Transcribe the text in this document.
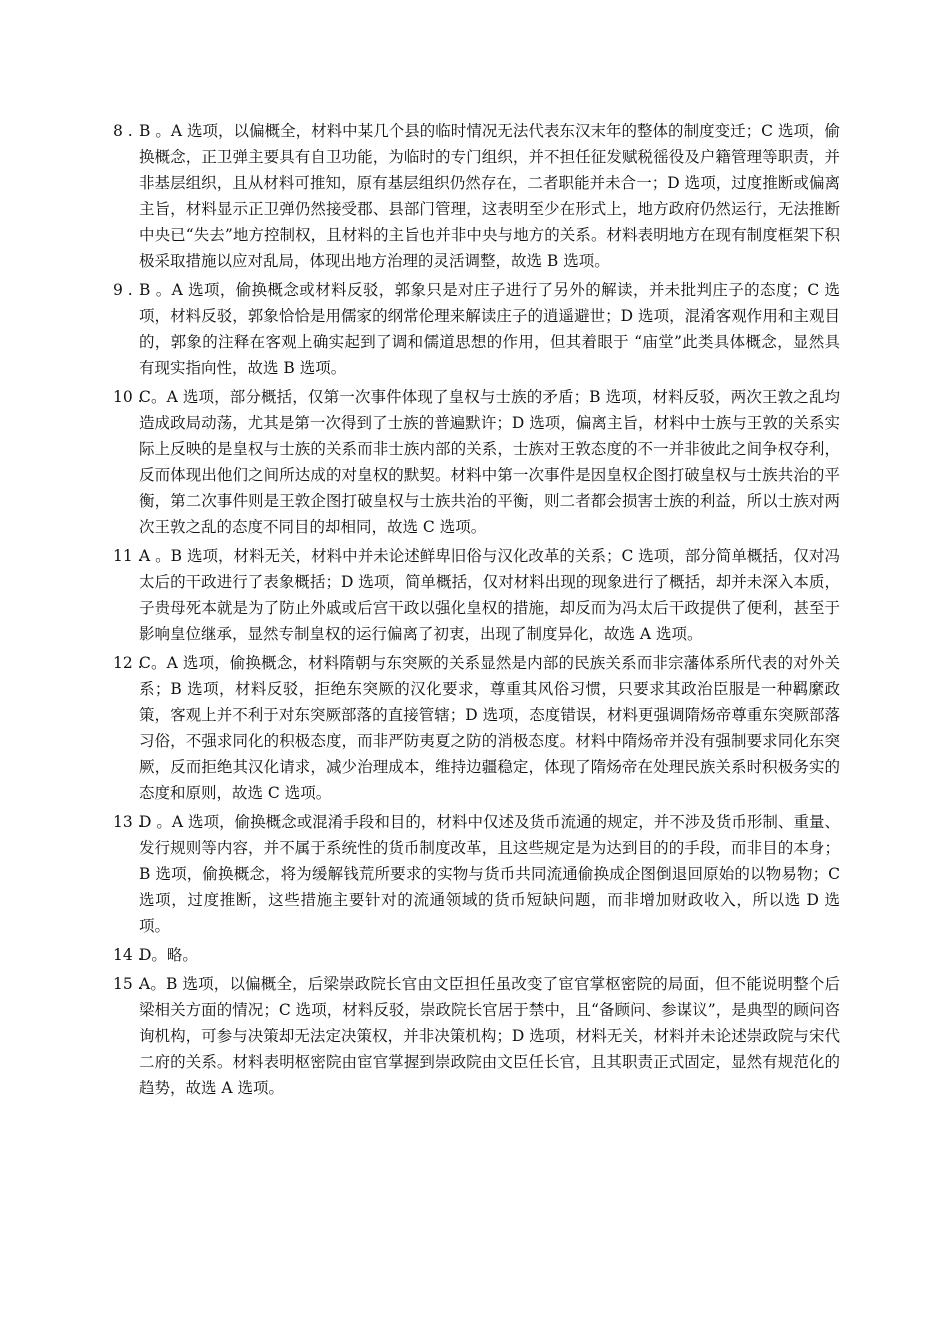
8 . B 。A 选项，以偏概全，材料中某几个县的临时情况无法代表东汉末年的整体的制度变迁；C 选项，偷换概念，正卫弹主要具有自卫功能，为临时的专门组织，并不担任征发赋税徭役及户籍管理等职责，并非基层组织，且从材料可推知，原有基层组织仍然存在，二者职能并未合一；D 选项，过度推断或偏离主旨，材料显示正卫弹仍然接受郡、县部门管理，这表明至少在形式上，地方政府仍然运行，无法推断中央已“失去”地方控制权，且材料的主旨也并非中央与地方的关系。材料表明地方在现有制度框架下积极采取措施以应对乱局，体现出地方治理的灵活调整，故选 B 选项。
9 . B 。A 选项，偷换概念或材料反驳，郭象只是对庄子进行了另外的解读，并未批判庄子的态度；C 选项，材料反驳，郭象恰恰是用儒家的纲常伦理来解读庄子的逍遥避世；D 选项，混淆客观作用和主观目的，郭象的注释在客观上确实起到了调和儒道思想的作用，但其着眼于 “庙堂”此类具体概念，显然具有现实指向性，故选 B 选项。
10 .
C。A 选项，部分概括，仅第一次事件体现了皇权与士族的矛盾；B 选项，材料反驳，两次王敦之乱均造成政局动荡，尤其是第一次得到了士族的普遍默许；D 选项，偏离主旨，材料中士族与王敦的关系实际上反映的是皇权与士族的关系而非士族内部的关系，士族对王敦态度的不一并非彼此之间争权夺利，反而体现出他们之间所达成的对皇权的默契。材料中第一次事件是因皇权企图打破皇权与士族共治的平衡，第二次事件则是王敦企图打破皇权与士族共治的平衡，则二者都会损害士族的利益，所以士族对两次王敦之乱的态度不同目的却相同，故选 C 选项。
11 .
A 。B 选项，材料无关，材料中并未论述鲜卑旧俗与汉化改革的关系；C 选项，部分简单概括，仅对冯太后的干政进行了表象概括；D 选项，简单概括，仅对材料出现的现象进行了概括，却并未深入本质，子贵母死本就是为了防止外戚或后宫干政以强化皇权的措施，却反而为冯太后干政提供了便利，甚至于影响皇位继承，显然专制皇权的运行偏离了初衷，出现了制度异化，故选 A 选项。
12 .
C。A 选项，偷换概念，材料隋朝与东突厥的关系显然是内部的民族关系而非宗藩体系所代表的对外关系；B 选项，材料反驳，拒绝东突厥的汉化要求，尊重其风俗习惯，只要求其政治臣服是一种羁縻政策，客观上并不利于对东突厥部落的直接管辖；D 选项，态度错误，材料更强调隋炀帝尊重东突厥部落习俗，不强求同化的积极态度，而非严防夷夏之防的消极态度。材料中隋炀帝并没有强制要求同化东突厥，反而拒绝其汉化请求，减少治理成本，维持边疆稳定，体现了隋炀帝在处理民族关系时积极务实的态度和原则，故选 C 选项。
13 .
D 。A 选项，偷换概念或混淆手段和目的，材料中仅述及货币流通的规定，并不涉及货币形制、重量、发行规则等内容，并不属于系统性的货币制度改革，且这些规定是为达到目的的手段，而非目的本身；B 选项，偷换概念，将为缓解钱荒所要求的实物与货币共同流通偷换成企图倒退回原始的以物易物；C 选项，过度推断，这些措施主要针对的流通领域的货币短缺问题，而非增加财政收入，所以选 D 选项。
14 .
D。略。
15 .
A。B 选项，以偏概全，后梁崇政院长官由文臣担任虽改变了宦官掌枢密院的局面，但不能说明整个后梁相关方面的情况；C 选项，材料反驳，崇政院长官居于禁中，且“备顾问、参谋议”，是典型的顾问咨询机构，可参与决策却无法定决策权，并非决策机构；D 选项，材料无关，材料并未论述崇政院与宋代二府的关系。材料表明枢密院由宦官掌握到崇政院由文臣任长官，且其职责正式固定，显然有规范化的趋势，故选 A 选项。
